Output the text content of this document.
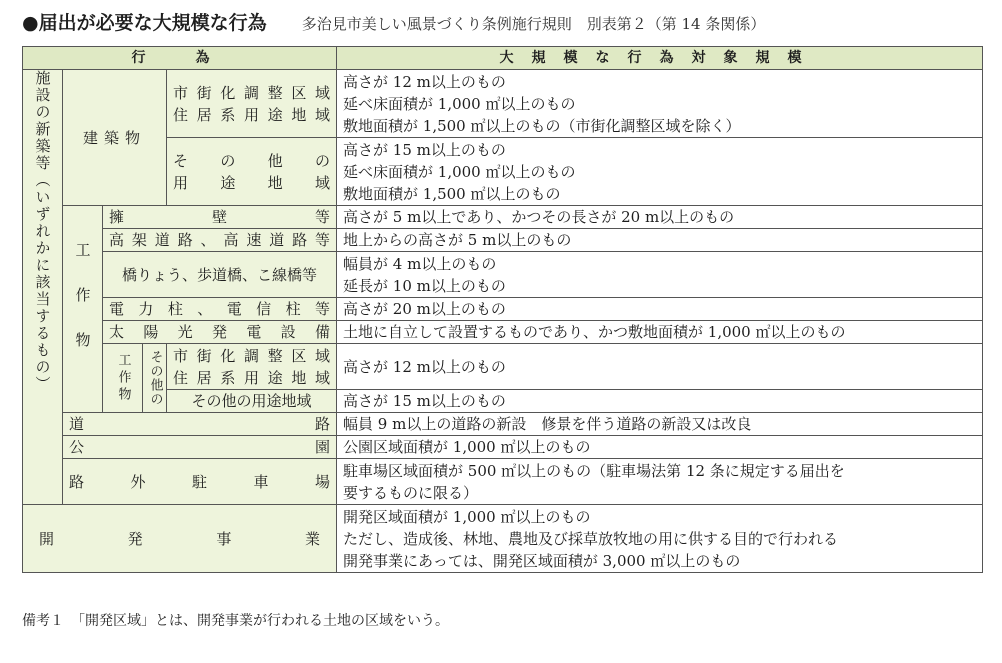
●届出が必要な大規模な行為 多治見市美しい風景づくり条例施行規則　別表第２（第 14 条関係）
行　為					大規模な行為対象規模
施設の新築等（いずれかに該当するもの）	建築物			市街化調整区域
住居系用途地域	高さが 12 m以上のもの
延べ床面積が 1,000 ㎡以上のもの
敷地面積が 1,500 ㎡以上のもの（市街化調整区域を除く）

				そ の 他 の
用 途 地 域	高さが 15 m以上のもの
延べ床面積が 1,000 ㎡以上のもの
敷地面積が 1,500 ㎡以上のもの

	工作物	擁壁等			高さが 5 m以上であり、かつその長さが 20 m以上のもの

		高架道路、高速道路等			地上からの高さが 5 m以上のもの

		橋りょう、歩道橋、こ線橋等			幅員が 4 m以上のもの
延長が 10 m以上のもの

		電力柱、電信柱等			高さが 20 m以上のもの

		太陽光発電設備			土地に自立して設置するものであり、かつ敷地面積が 1,000 ㎡以上のもの

		工作物	その他の	市街化調整区域
住居系用途地域	高さが 12 m以上のもの

				その他の用途地域	高さが 15 m以上のもの

	道路				幅員 9 m以上の道路の新設　修景を伴う道路の新設又は改良

	公園				公園区域面積が 1,000 ㎡以上のもの

	路外駐車場				駐車場区域面積が 500 ㎡以上のもの（駐車場法第 12 条に規定する届出を
要するものに限る）

開発事業					開発区域面積が 1,000 ㎡以上のもの
ただし、造成後、林地、農地及び採草放牧地の用に供する目的で行われる
開発事業にあっては、開発区域面積が 3,000 ㎡以上のもの
備考１　「開発区域」とは、開発事業が行われる土地の区域をいう。
